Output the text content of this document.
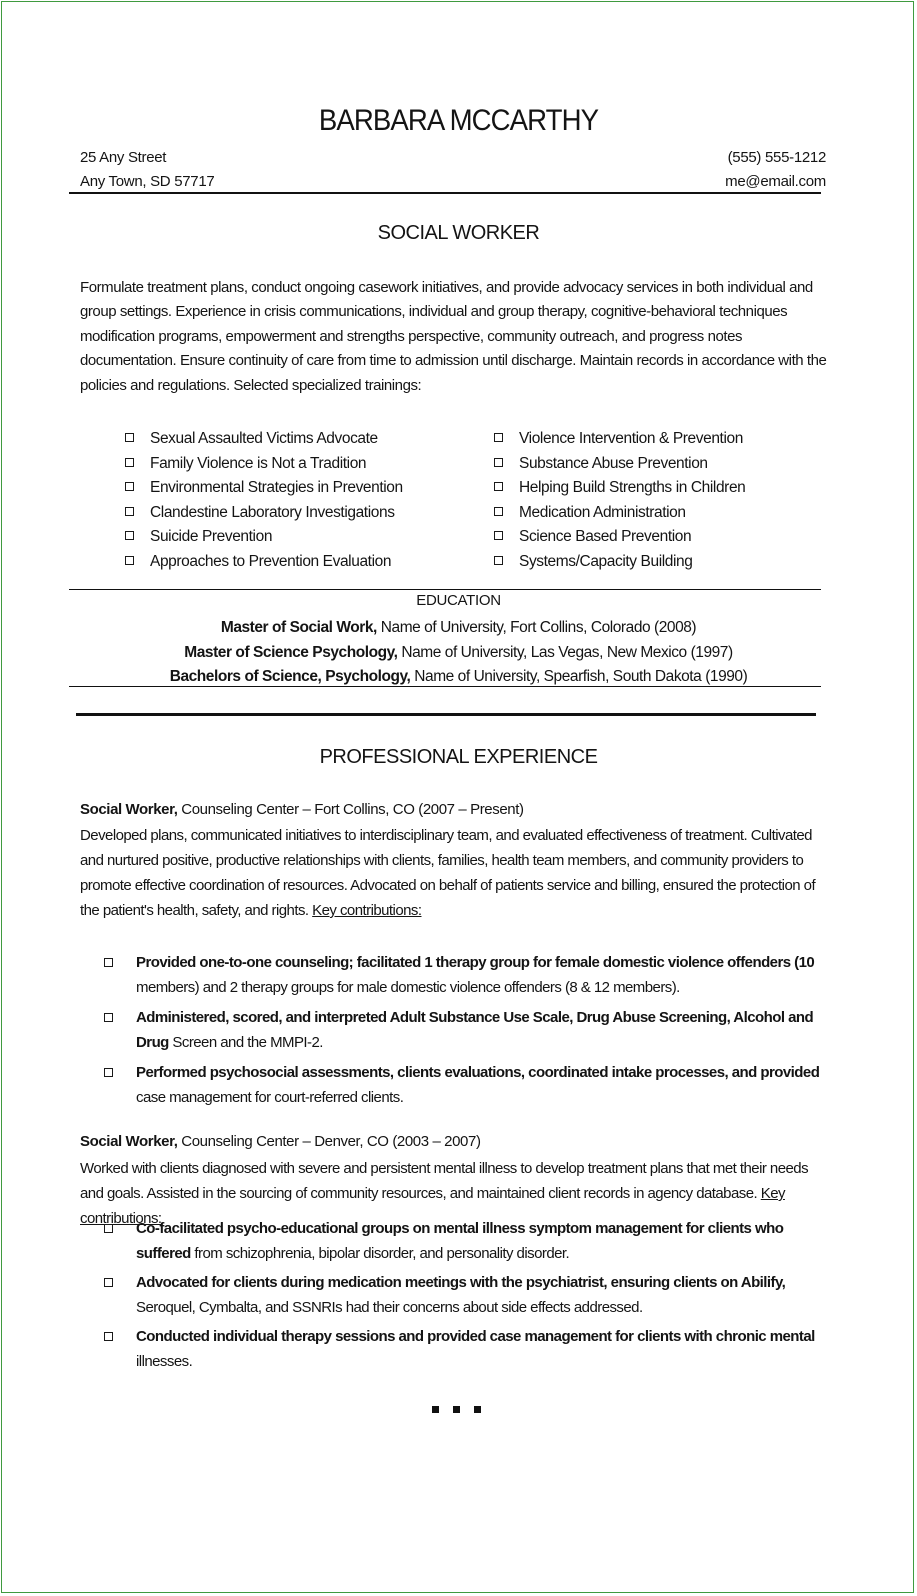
BARBARA MCCARTHY
25 Any Street
Any Town, SD 57717
(555) 555-1212
me@email.com
SOCIAL WORKER

Formulate treatment plans, conduct ongoing casework initiatives, and provide advocacy services in both individual and group settings. Experience in crisis communications, individual and group therapy, cognitive-behavioral techniques modification programs, empowerment and strengths perspective, community outreach, and progress notes documentation. Ensure continuity of care from time to admission until discharge. Maintain records in accordance with the policies and regulations. Selected specialized trainings:

Sexual Assaulted Victims Advocate
Family Violence is Not a Tradition
Environmental Strategies in Prevention
Clandestine Laboratory Investigations
Suicide Prevention
Approaches to Prevention Evaluation
Violence Intervention & Prevention
Substance Abuse Prevention
Helping Build Strengths in Children
Medication Administration
Science Based Prevention
Systems/Capacity Building
EDUCATION
Master of Social Work, Name of University, Fort Collins, Colorado (2008)
Master of Science Psychology, Name of University, Las Vegas, New Mexico (1997)
Bachelors of Science, Psychology, Name of University, Spearfish, South Dakota (1990)
PROFESSIONAL EXPERIENCE
Social Worker, Counseling Center – Fort Collins, CO (2007 – Present)

Developed plans, communicated initiatives to interdisciplinary team, and evaluated effectiveness of treatment. Cultivated and nurtured positive, productive relationships with clients, families, health team members, and community providers to promote effective coordination of resources. Advocated on behalf of patients service and billing, ensured the protection of the patient's health, safety, and rights. Key contributions:

Provided one-to-one counseling; facilitated 1 therapy group for female domestic violence offenders (10 members) and 2 therapy groups for male domestic violence offenders (8 & 12 members).
Administered, scored, and interpreted Adult Substance Use Scale, Drug Abuse Screening, Alcohol and Drug Screen and the MMPI-2.
Performed psychosocial assessments, clients evaluations, coordinated intake processes, and provided case management for court-referred clients.
Social Worker, Counseling Center – Denver, CO (2003 – 2007)

Worked with clients diagnosed with severe and persistent mental illness to develop treatment plans that met their needs and goals. Assisted in the sourcing of community resources, and maintained client records in agency database. Key contributions:

Co-facilitated psycho-educational groups on mental illness symptom management for clients who suffered from schizophrenia, bipolar disorder, and personality disorder.
Advocated for clients during medication meetings with the psychiatrist, ensuring clients on Abilify, Seroquel, Cymbalta, and SSNRIs had their concerns about side effects addressed.
Conducted individual therapy sessions and provided case management for clients with chronic mental illnesses.
